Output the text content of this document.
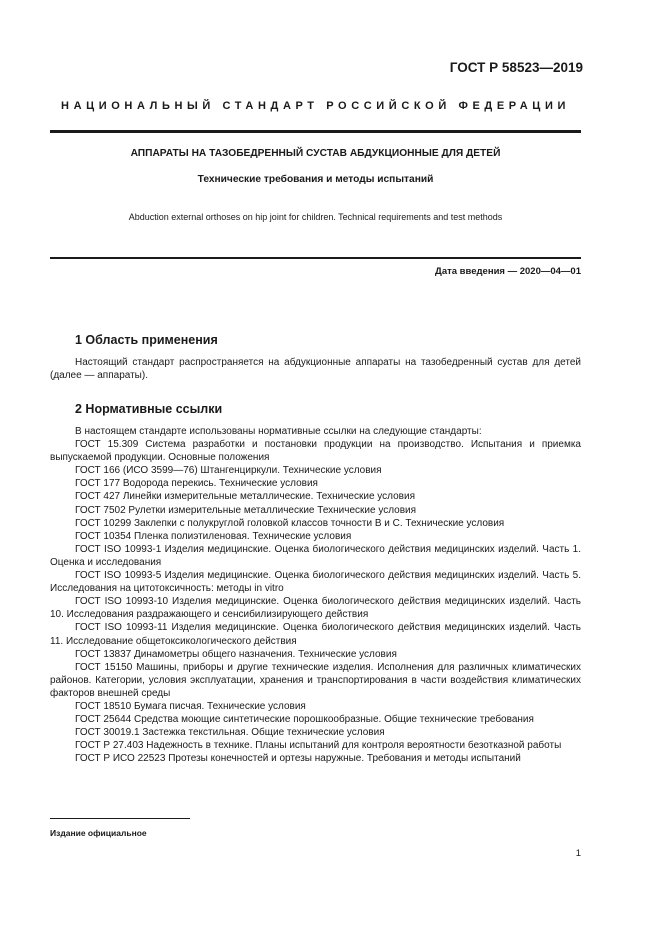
ГОСТ Р 58523—2019
НАЦИОНАЛЬНЫЙ СТАНДАРТ РОССИЙСКОЙ ФЕДЕРАЦИИ
АППАРАТЫ НА ТАЗОБЕДРЕННЫЙ СУСТАВ АБДУКЦИОННЫЕ ДЛЯ ДЕТЕЙ
Технические требования и методы испытаний
Abduction external orthoses on hip joint for children. Technical requirements and test methods
Дата введения — 2020—04—01
1 Область применения

Настоящий стандарт распространяется на абдукционные аппараты на тазобедренный сустав для детей (далее — аппараты).

2 Нормативные ссылки

В настоящем стандарте использованы нормативные ссылки на следующие стандарты:

ГОСТ 15.309 Система разработки и постановки продукции на производство. Испытания и приемка выпускаемой продукции. Основные положения

ГОСТ 166 (ИСО 3599—76) Штангенциркули. Технические условия

ГОСТ 177 Водорода перекись. Технические условия

ГОСТ 427 Линейки измерительные металлические. Технические условия

ГОСТ 7502 Рулетки измерительные металлические Технические условия

ГОСТ 10299 Заклепки с полукруглой головкой классов точности В и С. Технические условия

ГОСТ 10354 Пленка полиэтиленовая. Технические условия

ГОСТ ISO 10993-1 Изделия медицинские. Оценка биологического действия медицинских изделий. Часть 1. Оценка и исследования

ГОСТ ISO 10993-5 Изделия медицинские. Оценка биологического действия медицинских изделий. Часть 5. Исследования на цитотоксичность: методы in vitro

ГОСТ ISO 10993-10 Изделия медицинские. Оценка биологического действия медицинских изделий. Часть 10. Исследования раздражающего и сенсибилизирующего действия

ГОСТ ISO 10993-11 Изделия медицинские. Оценка биологического действия медицинских изделий. Часть 11. Исследование общетоксикологического действия

ГОСТ 13837 Динамометры общего назначения. Технические условия

ГОСТ 15150 Машины, приборы и другие технические изделия. Исполнения для различных климатических районов. Категории, условия эксплуатации, хранения и транспортирования в части воздействия климатических факторов внешней среды

ГОСТ 18510 Бумага писчая. Технические условия

ГОСТ 25644 Средства моющие синтетические порошкообразные. Общие технические требования

ГОСТ 30019.1 Застежка текстильная. Общие технические условия

ГОСТ Р 27.403 Надежность в технике. Планы испытаний для контроля вероятности безотказной работы

ГОСТ Р ИСО 22523 Протезы конечностей и ортезы наружные. Требования и методы испытаний

Издание официальное
1
